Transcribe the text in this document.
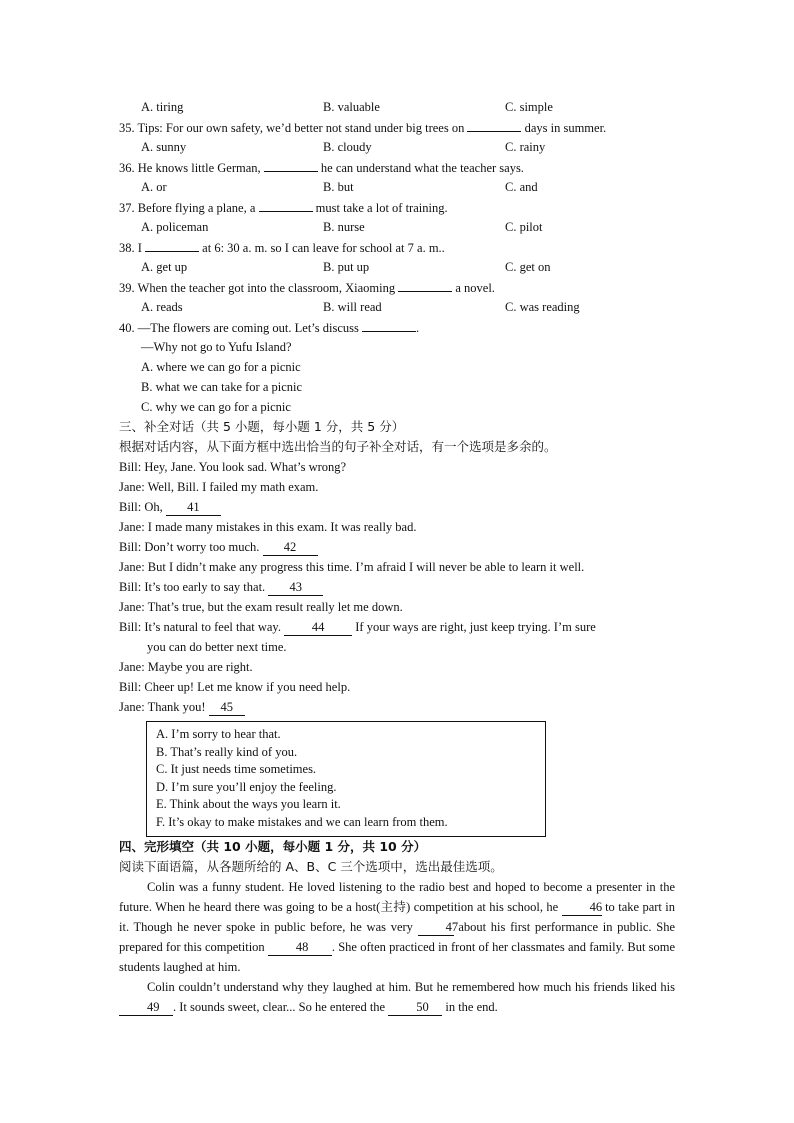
A. tiring	B. valuable	C. simple
35. Tips: For our own safety, we’d better not stand under big trees on	days in summer.
A. sunny	B. cloudy	C. rainy
36. He knows little German,	he can understand what the teacher says.
A. or	B. but	C. and
37. Before flying a plane, a	must take a lot of training.
A. policeman	B. nurse	C. pilot
38. I	at 6: 30 a. m. so I can leave for school at 7 a. m..
A. get up	B. put up	C. get on
39. When the teacher got into the classroom, Xiaoming	a novel.
A. reads	B. will read	C. was reading
40. —The flowers are coming out. Let’s discuss	.
—Why not go to Yufu Island?
A. where we can go for a picnic
B. what we can take for a picnic
C. why we can go for a picnic
三、补全对话（共 5 小题，每小题 1 分，共 5 分）
根据对话内容，从下面方框中选出恰当的句子补全对话，有一个选项是多余的。
Bill: Hey, Jane. You look sad. What’s wrong?
Jane: Well, Bill. I failed my math exam.
Bill: Oh, 41
Jane: I made many mistakes in this exam. It was really bad.
Bill: Don’t worry too much. 42
Jane: But I didn’t make any progress this time. I’m afraid I will never be able to learn it well.
Bill: It’s too early to say that. 43
Jane: That’s true, but the exam result really let me down.
Bill: It’s natural to feel that way. 44 If your ways are right, just keep trying. I’m sure
you can do better next time.
Jane: Maybe you are right.
Bill: Cheer up! Let me know if you need help.
Jane: Thank you! 45
A. I’m sorry to hear that.
B. That’s really kind of you.
C. It just needs time sometimes.
D. I’m sure you’ll enjoy the feeling.
E. Think about the ways you learn it.
F. It’s okay to make mistakes and we can learn from them.
四、完形填空（共 10 小题，每小题 1 分，共 10 分）
阅读下面语篇，从各题所给的 A、B、C 三个选项中，选出最佳选项。

Colin was a funny student. He loved listening to the radio best and hoped to become a presenter in the future. When he heard there was going to be a host(主持) competition at his school, he	46 to take part in it. Though he never spoke in public before, he was very	47 about his first performance in public. She prepared for this competition 48 . She often practiced in front of her classmates and family. But some students laughed at him.

Colin couldn’t understand why they laughed at him. But he remembered how much his friends liked his 49 . It sounds sweet, clear... So he entered the 50 in the end.
